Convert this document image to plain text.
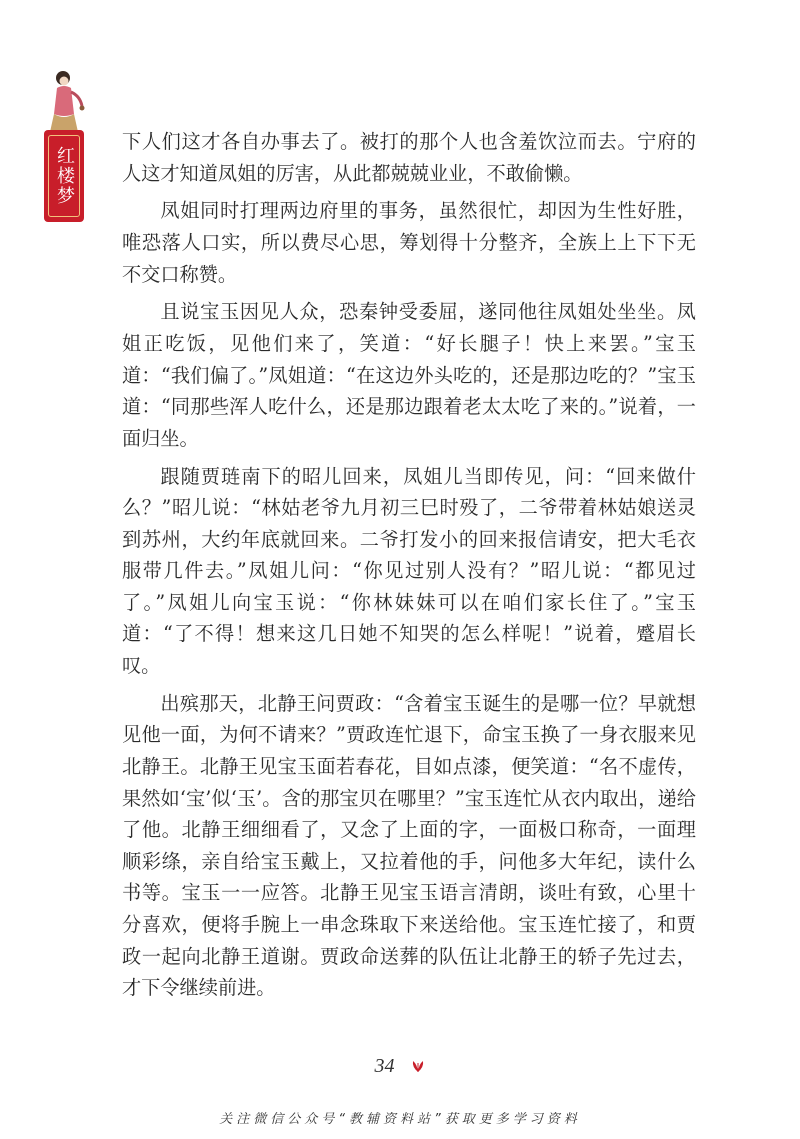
红楼梦

下人们这才各自办事去了。被打的那个人也含羞饮泣而去。宁府的人这才知道凤姐的厉害，从此都兢兢业业，不敢偷懒。

凤姐同时打理两边府里的事务，虽然很忙，却因为生性好胜，唯恐落人口实，所以费尽心思，筹划得十分整齐，全族上上下下无不交口称赞。

且说宝玉因见人众，恐秦钟受委屈，遂同他往凤姐处坐坐。凤姐正吃饭，见他们来了，笑道：“好长腿子！快上来罢。”宝玉道：“我们偏了。”凤姐道：“在这边外头吃的，还是那边吃的？”宝玉道：“同那些浑人吃什么，还是那边跟着老太太吃了来的。”说着，一面归坐。

跟随贾琏南下的昭儿回来，凤姐儿当即传见，问：“回来做什么？”昭儿说：“林姑老爷九月初三巳时殁了，二爷带着林姑娘送灵到苏州，大约年底就回来。二爷打发小的回来报信请安，把大毛衣服带几件去。”凤姐儿问：“你见过别人没有？”昭儿说：“都见过了。”凤姐儿向宝玉说：“你林妹妹可以在咱们家长住了。”宝玉道：“了不得！想来这几日她不知哭的怎么样呢！”说着，蹙眉长叹。

出殡那天，北静王问贾政：“含着宝玉诞生的是哪一位？早就想见他一面，为何不请来？”贾政连忙退下，命宝玉换了一身衣服来见北静王。北静王见宝玉面若春花，目如点漆，便笑道：“名不虚传，果然如‘宝’似‘玉’。含的那宝贝在哪里？”宝玉连忙从衣内取出，递给了他。北静王细细看了，又念了上面的字，一面极口称奇，一面理顺彩绦，亲自给宝玉戴上，又拉着他的手，问他多大年纪，读什么书等。宝玉一一应答。北静王见宝玉语言清朗，谈吐有致，心里十分喜欢，便将手腕上一串念珠取下来送给他。宝玉连忙接了，和贾政一起向北静王道谢。贾政命送葬的队伍让北静王的轿子先过去，才下令继续前进。

34
关注微信公众号“教辅资料站”获取更多学习资料
